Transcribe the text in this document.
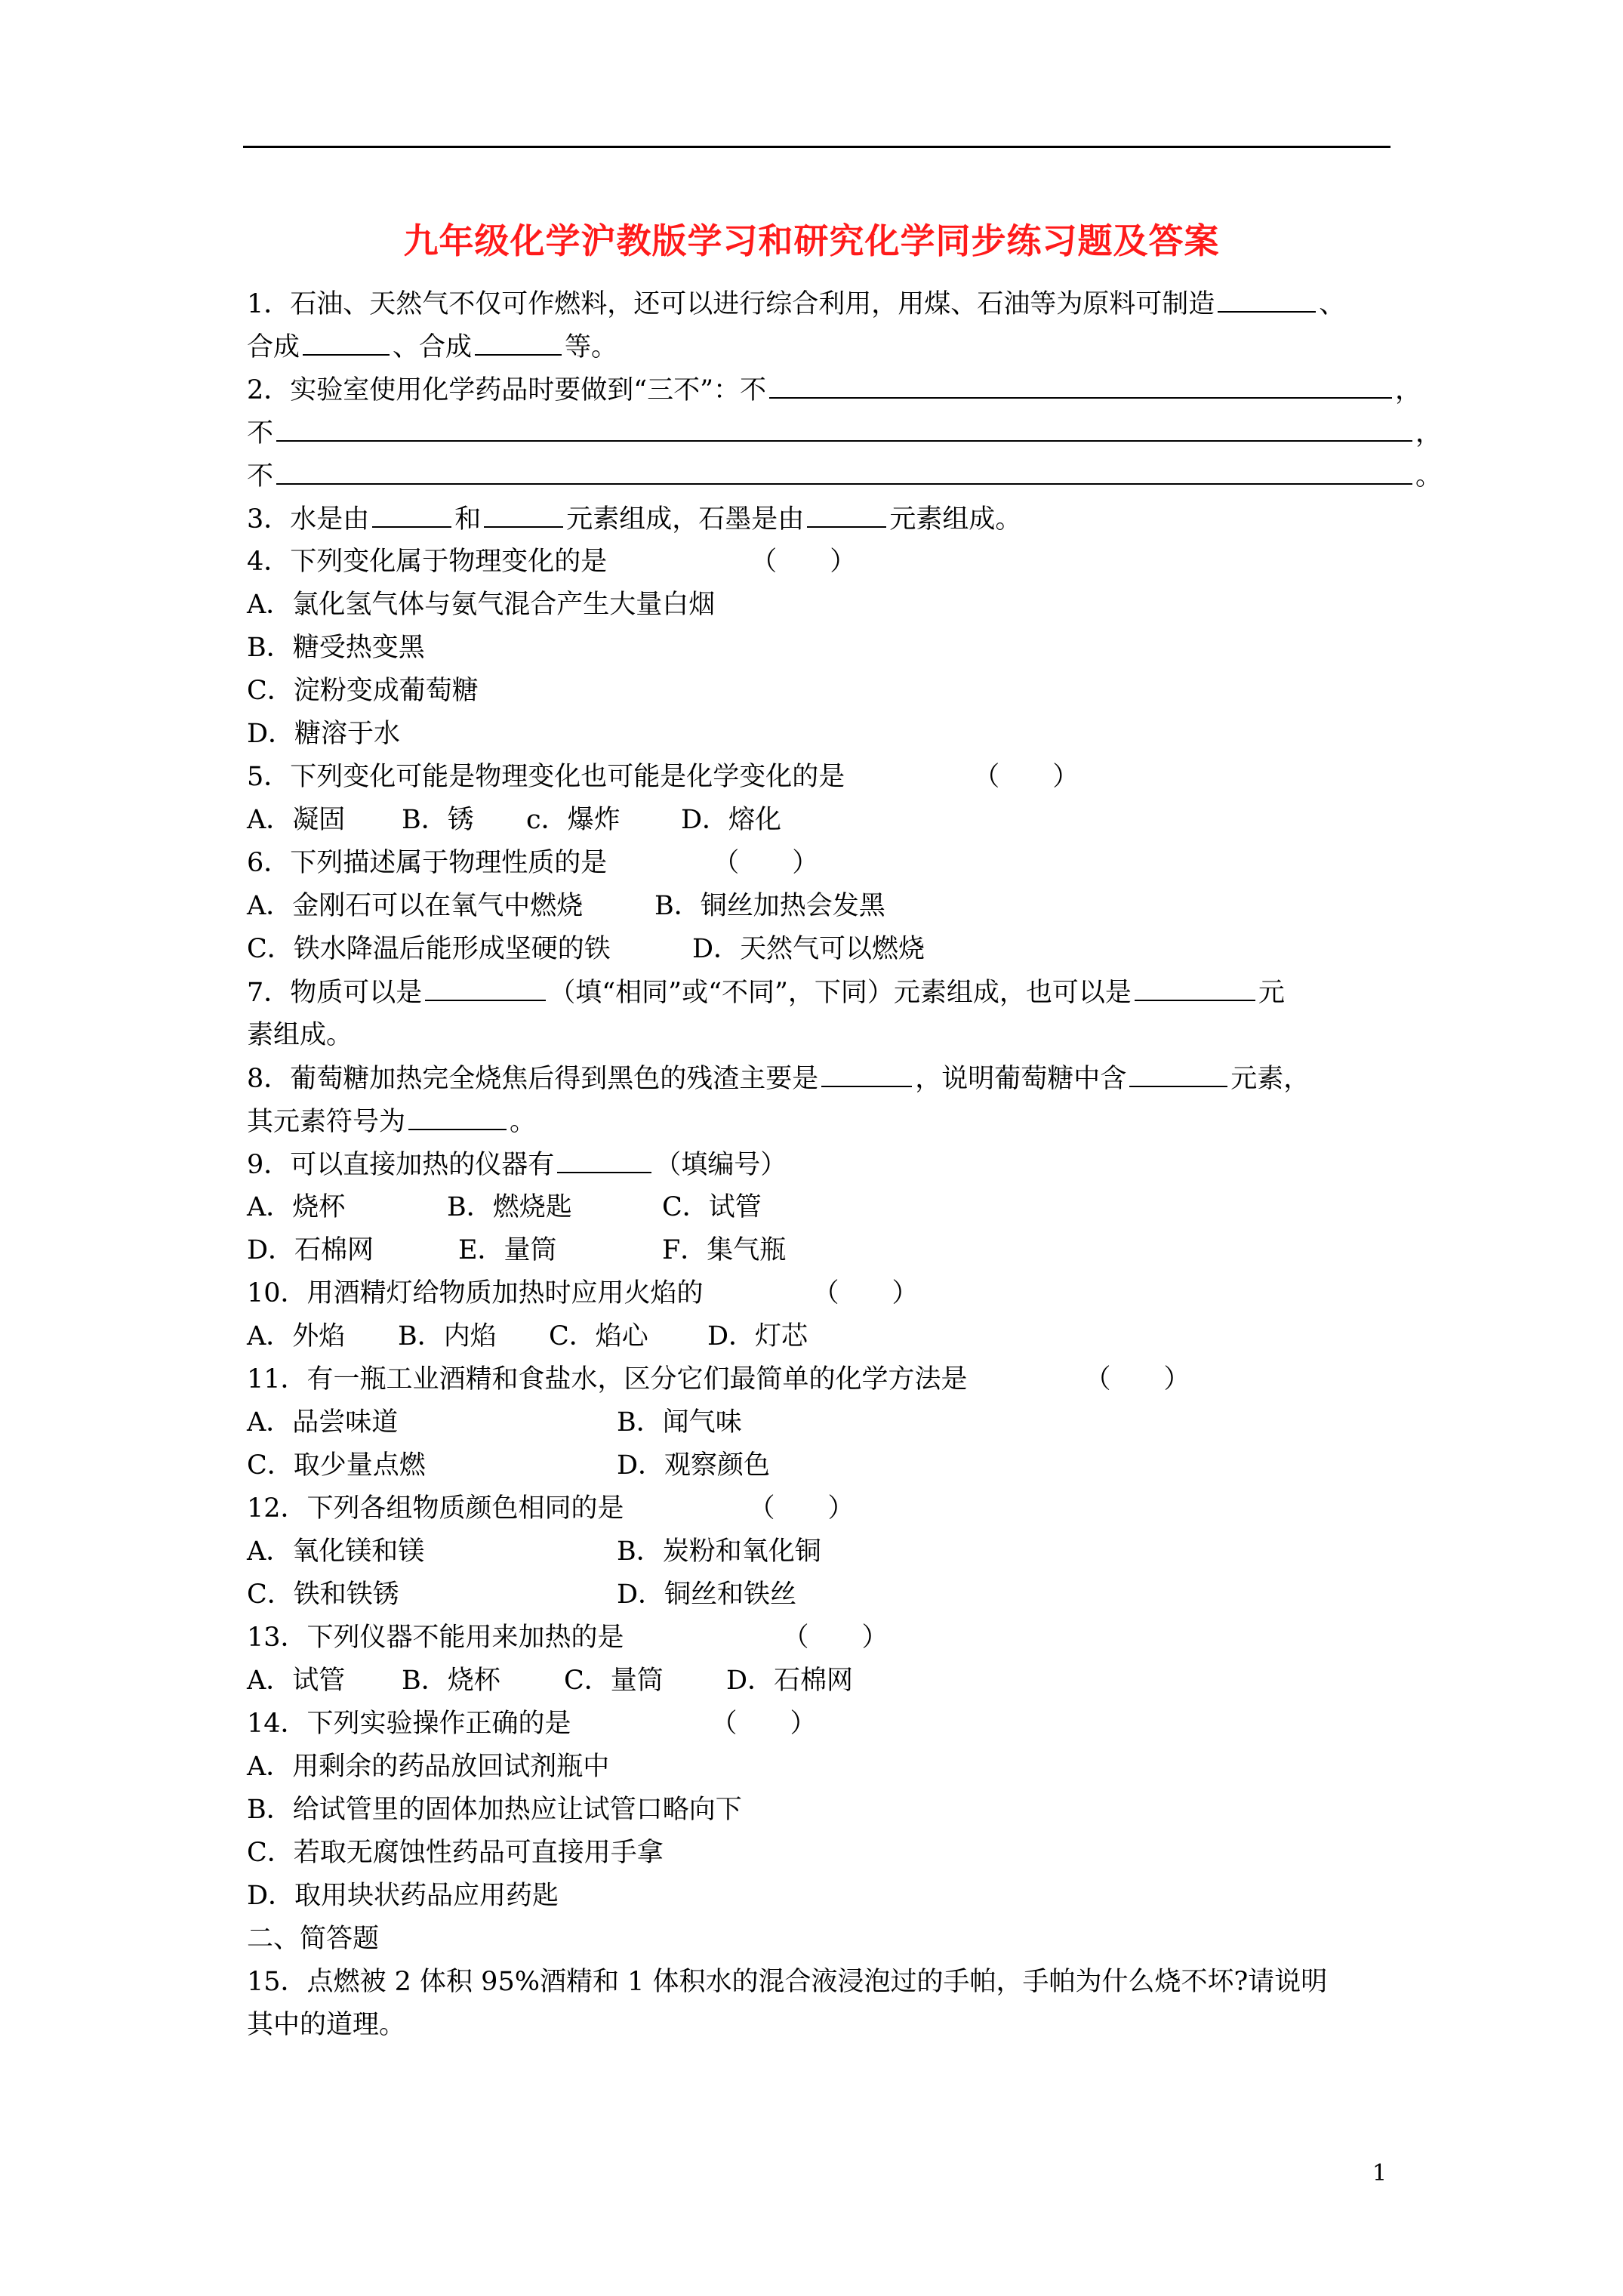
九年级化学沪教版学习和研究化学同步练习题及答案
1．石油、天然气不仅可作燃料，还可以进行综合利用，用煤、石油等为原料可制造	、
合成	、合成	等。
2．实验室使用化学药品时要做到“三不”：不	，
不	，
不	。
3．水是由	和	元素组成，石墨是由	元素组成。
4．下列变化属于物理变化的是	（　　）
A．氯化氢气体与氨气混合产生大量白烟
B．糖受热变黑
C．淀粉变成葡萄糖
D．糖溶于水
5．下列变化可能是物理变化也可能是化学变化的是	（　　）
A．凝固 B．锈 c．爆炸 D．熔化
6．下列描述属于物理性质的是	（　　）
A．金刚石可以在氧气中燃烧	B．铜丝加热会发黑
C．铁水降温后能形成坚硬的铁	D．天然气可以燃烧
7．物质可以是	（填“相同”或“不同”，下同）元素组成，也可以是	元
素组成。
8．葡萄糖加热完全烧焦后得到黑色的残渣主要是	，说明葡萄糖中含	元素，
其元素符号为	。
9．可以直接加热的仪器有	（填编号）
A．烧杯	B．燃烧匙	C．试管
D．石棉网	E．量筒	F．集气瓶
10．用酒精灯给物质加热时应用火焰的	（　　）
A．外焰 B．内焰 C．焰心 D．灯芯
11．有一瓶工业酒精和食盐水，区分它们最简单的化学方法是	（　　）
A．品尝味道	B．闻气味
C．取少量点燃	D．观察颜色
12．下列各组物质颜色相同的是	（　　）
A．氧化镁和镁	B．炭粉和氧化铜
C．铁和铁锈	D．铜丝和铁丝
13．下列仪器不能用来加热的是	（　　）
A．试管 B．烧杯 C．量筒 D．石棉网
14．下列实验操作正确的是	（　　）
A．用剩余的药品放回试剂瓶中
B．给试管里的固体加热应让试管口略向下
C．若取无腐蚀性药品可直接用手拿
D．取用块状药品应用药匙
二、简答题
15．点燃被 2 体积 95%酒精和 1 体积水的混合液浸泡过的手帕，手帕为什么烧不坏?请说明
其中的道理。
1
